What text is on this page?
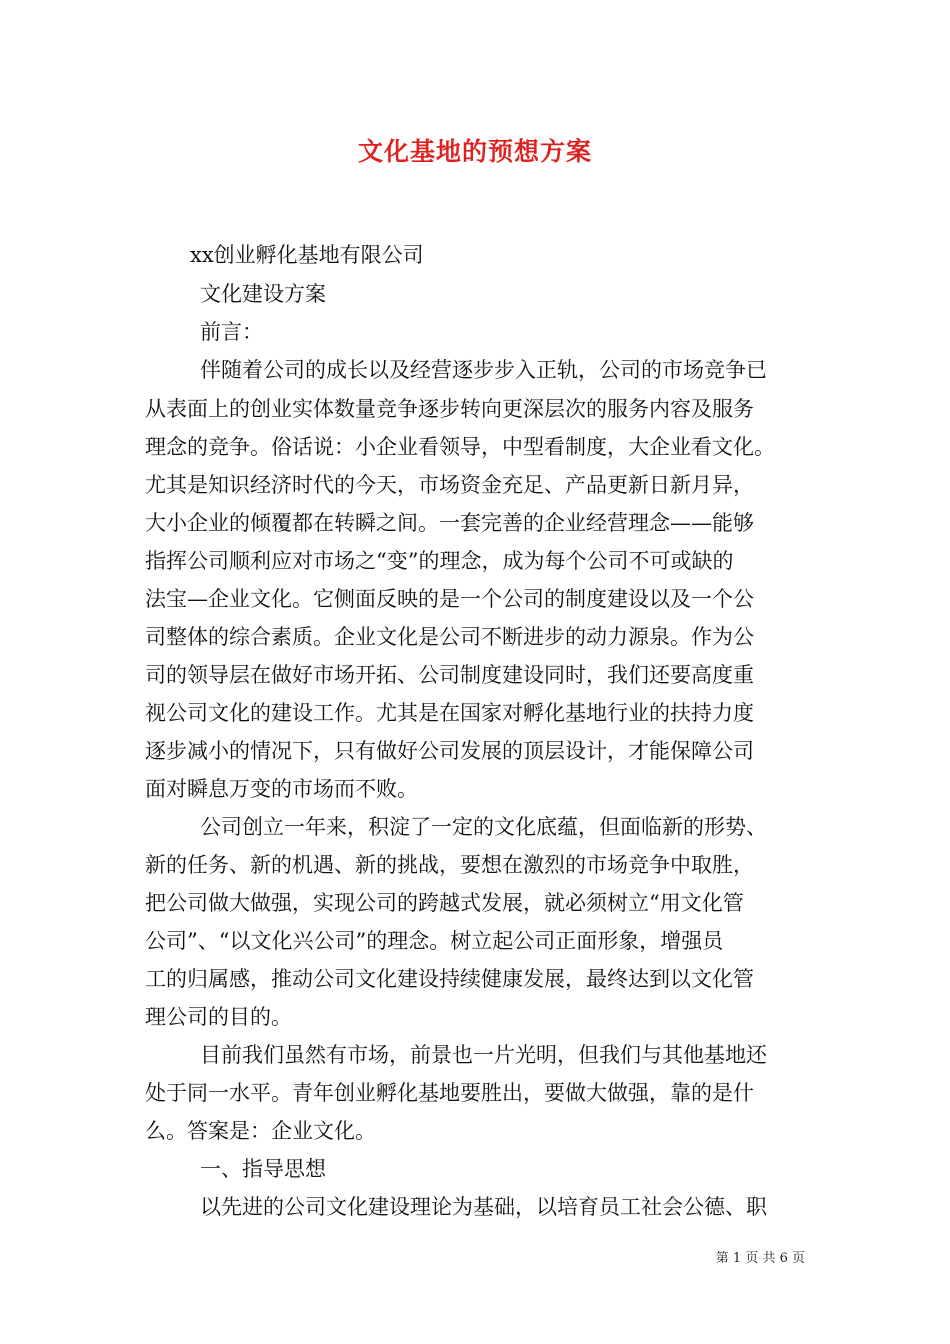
文化基地的预想方案
xx创业孵化基地有限公司
文化建设方案
前言：
伴随着公司的成长以及经营逐步步入正轨，公司的市场竞争已
从表面上的创业实体数量竞争逐步转向更深层次的服务内容及服务
理念的竞争。俗话说：小企业看领导，中型看制度，大企业看文化。
尤其是知识经济时代的今天，市场资金充足、产品更新日新月异，
大小企业的倾覆都在转瞬之间。一套完善的企业经营理念——能够
指挥公司顺利应对市场之“变”的理念，成为每个公司不可或缺的
法宝—企业文化。它侧面反映的是一个公司的制度建设以及一个公
司整体的综合素质。企业文化是公司不断进步的动力源泉。作为公
司的领导层在做好市场开拓、公司制度建设同时，我们还要高度重
视公司文化的建设工作。尤其是在国家对孵化基地行业的扶持力度
逐步减小的情况下，只有做好公司发展的顶层设计，才能保障公司
面对瞬息万变的市场而不败。
公司创立一年来，积淀了一定的文化底蕴，但面临新的形势、
新的任务、新的机遇、新的挑战，要想在激烈的市场竞争中取胜，
把公司做大做强，实现公司的跨越式发展，就必须树立“用文化管
公司”、“以文化兴公司”的理念。树立起公司正面形象，增强员
工的归属感，推动公司文化建设持续健康发展，最终达到以文化管
理公司的目的。
目前我们虽然有市场，前景也一片光明，但我们与其他基地还
处于同一水平。青年创业孵化基地要胜出，要做大做强，靠的是什
么。答案是：企业文化。
一、指导思想
以先进的公司文化建设理论为基础，以培育员工社会公德、职
第 1 页 共 6 页
